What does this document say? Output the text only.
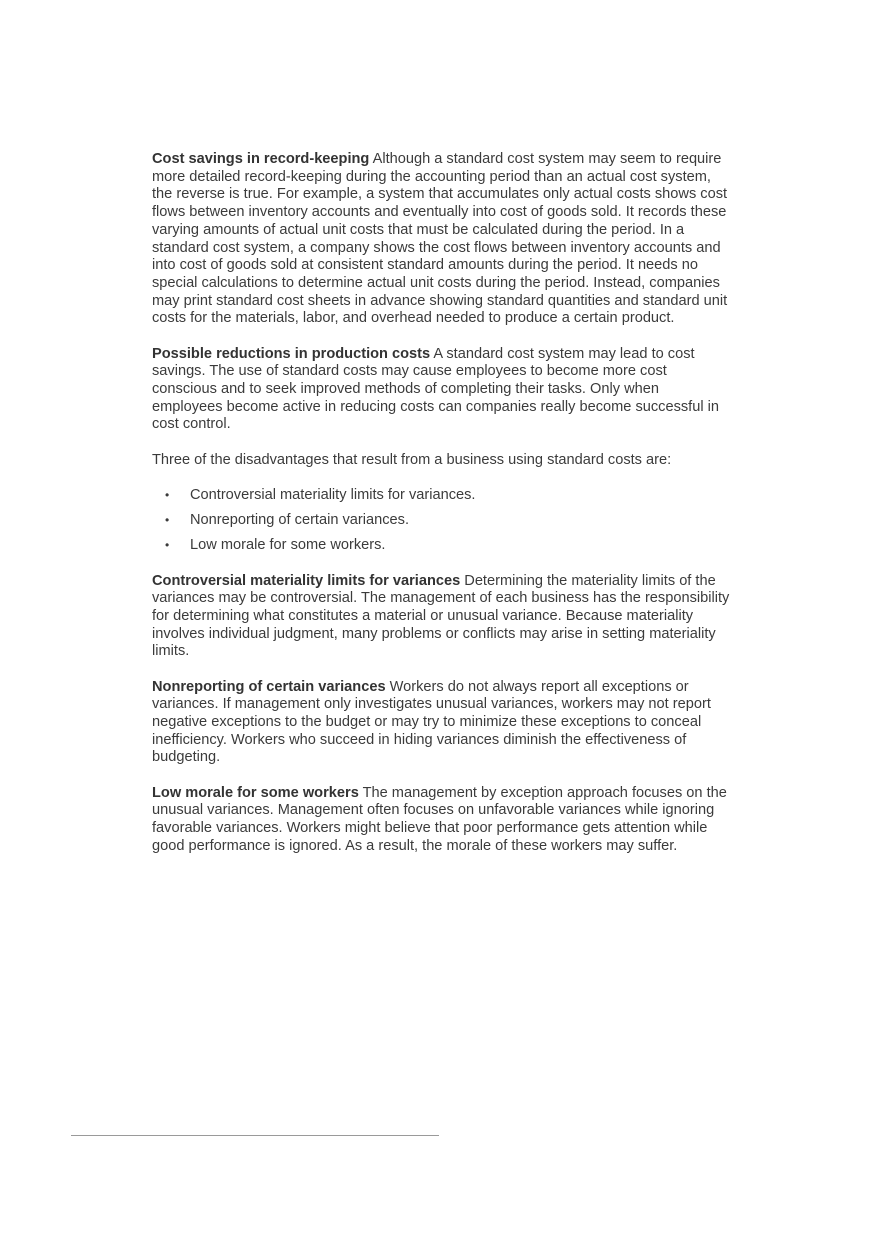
Cost savings in record-keeping Although a standard cost system may seem to require more detailed record-keeping during the accounting period than an actual cost system, the reverse is true. For example, a system that accumulates only actual costs shows cost flows between inventory accounts and eventually into cost of goods sold. It records these varying amounts of actual unit costs that must be calculated during the period. In a standard cost system, a company shows the cost flows between inventory accounts and into cost of goods sold at consistent standard amounts during the period. It needs no special calculations to determine actual unit costs during the period. Instead, companies may print standard cost sheets in advance showing standard quantities and standard unit costs for the materials, labor, and overhead needed to produce a certain product.

Possible reductions in production costs A standard cost system may lead to cost savings. The use of standard costs may cause employees to become more cost conscious and to seek improved methods of completing their tasks. Only when employees become active in reducing costs can companies really become successful in cost control.

Three of the disadvantages that result from a business using standard costs are:

• Controversial materiality limits for variances.
• Nonreporting of certain variances.
• Low morale for some workers.

Controversial materiality limits for variances Determining the materiality limits of the variances may be controversial. The management of each business has the responsibility for determining what constitutes a material or unusual variance. Because materiality involves individual judgment, many problems or conflicts may arise in setting materiality limits.

Nonreporting of certain variances Workers do not always report all exceptions or variances. If management only investigates unusual variances, workers may not report negative exceptions to the budget or may try to minimize these exceptions to conceal inefficiency. Workers who succeed in hiding variances diminish the effectiveness of budgeting.

Low morale for some workers The management by exception approach focuses on the unusual variances. Management often focuses on unfavorable variances while ignoring favorable variances. Workers might believe that poor performance gets attention while good performance is ignored. As a result, the morale of these workers may suffer.
